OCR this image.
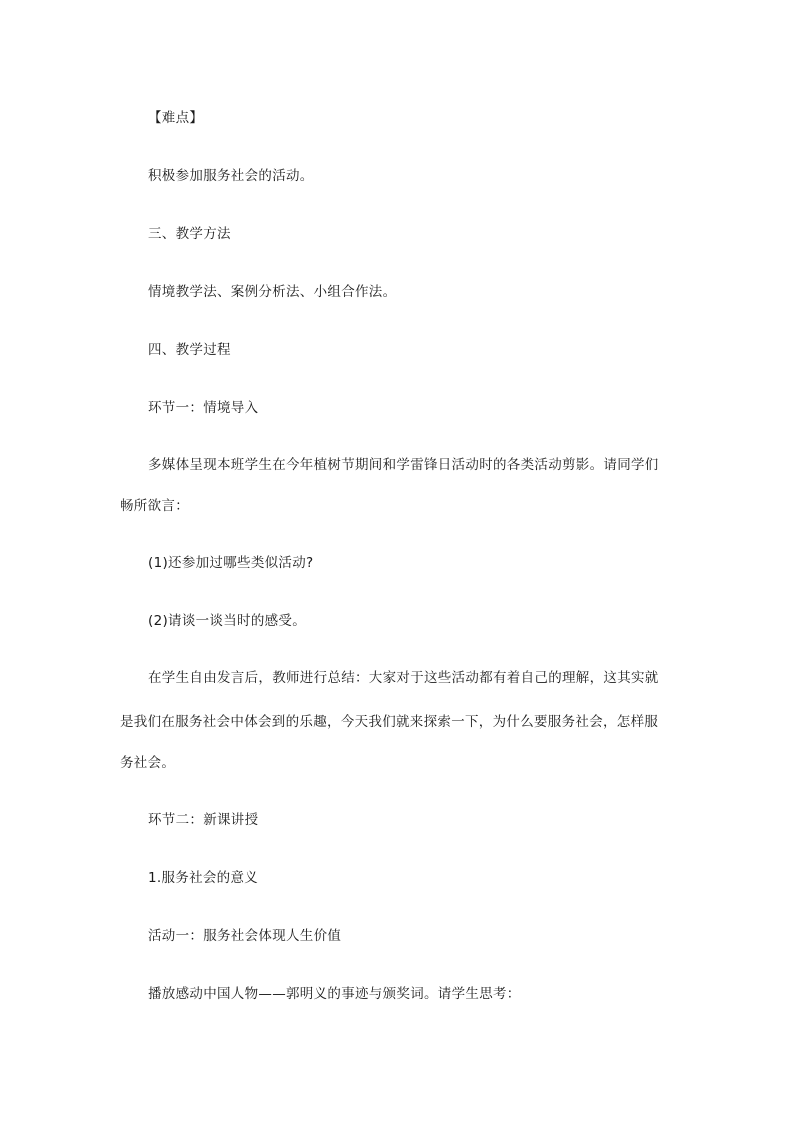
【难点】

积极参加服务社会的活动。

三、教学方法

情境教学法、案例分析法、小组合作法。

四、教学过程

环节一：情境导入

多媒体呈现本班学生在今年植树节期间和学雷锋日活动时的各类活动剪影。请同学们

畅所欲言：

(1)还参加过哪些类似活动?

(2)请谈一谈当时的感受。

在学生自由发言后，教师进行总结：大家对于这些活动都有着自己的理解，这其实就

是我们在服务社会中体会到的乐趣，今天我们就来探索一下，为什么要服务社会，怎样服

务社会。

环节二：新课讲授

1.服务社会的意义

活动一：服务社会体现人生价值

播放感动中国人物——郭明义的事迹与颁奖词。请学生思考：
